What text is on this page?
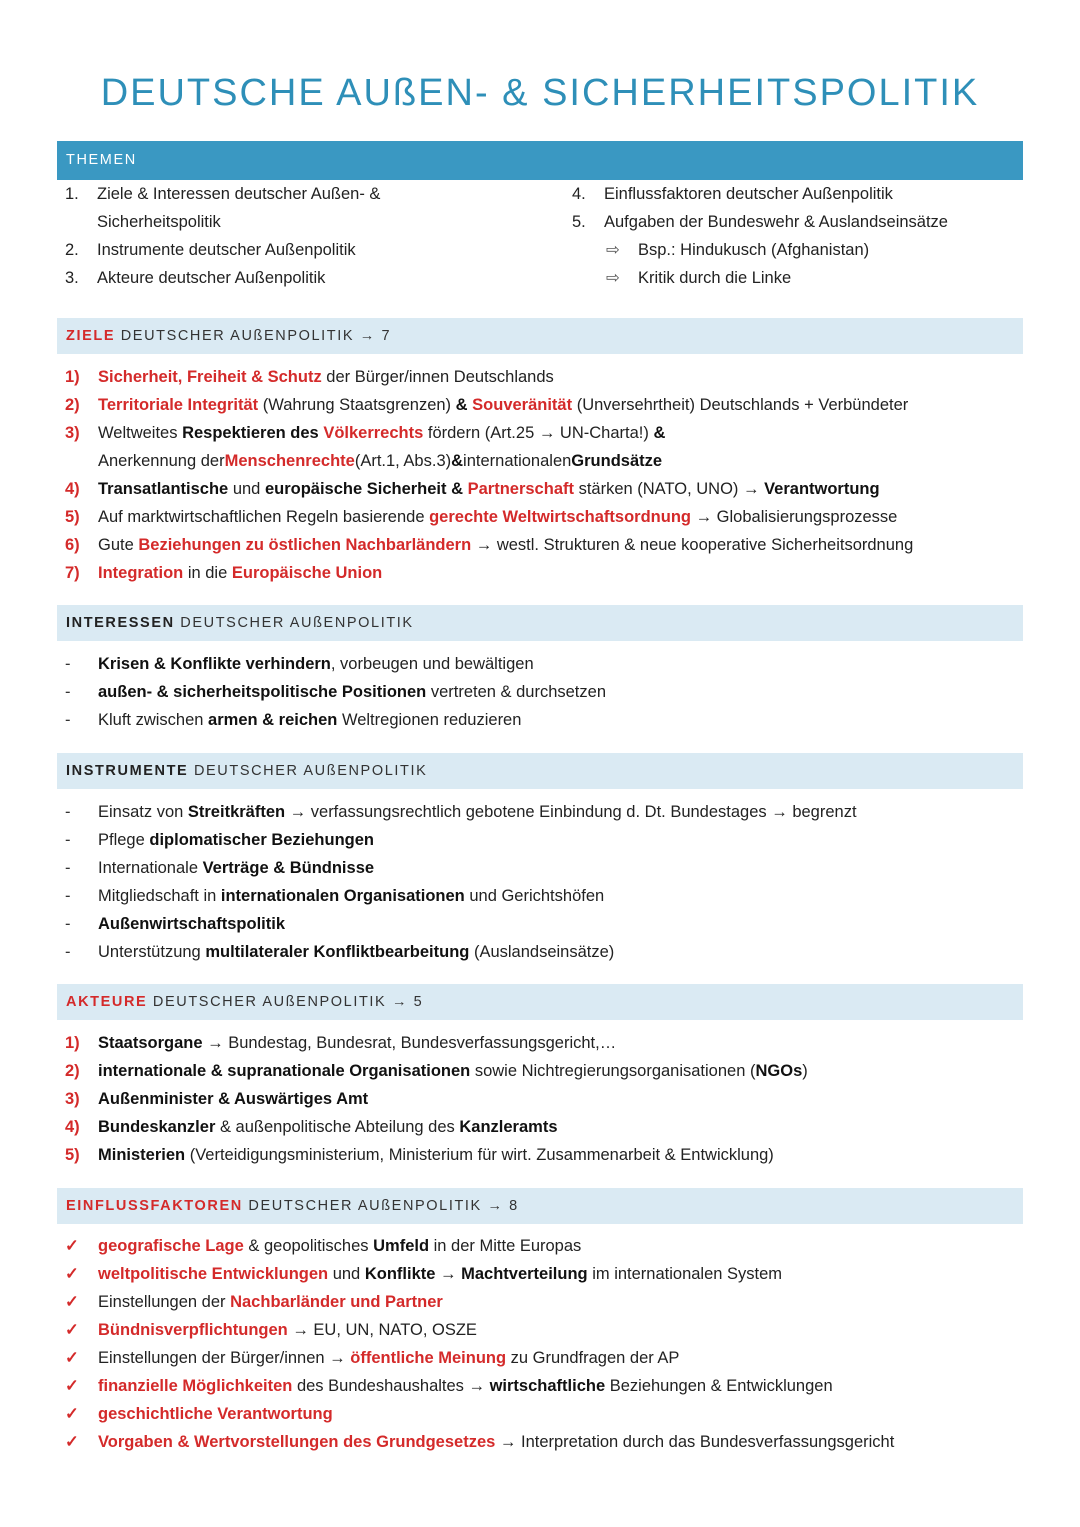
DEUTSCHE AUßEN- & SICHERHEITSPOLITIK
THEMEN
1.	Ziele & Interessen deutscher Außen- &
Sicherheitspolitik
2.	Instrumente deutscher Außenpolitik
3.	Akteure deutscher Außenpolitik
4.	Einflussfaktoren deutscher Außenpolitik
5.	Aufgaben der Bundeswehr & Auslandseinsätze
⇨	Bsp.: Hindukusch (Afghanistan)
⇨	Kritik durch die Linke
ZIELE DEUTSCHER AUßENPOLITIK → 7
1)	Sicherheit, Freiheit & Schutz der Bürger/innen Deutschlands
2)	Territoriale Integrität (Wahrung Staatsgrenzen) & Souveränität (Unversehrtheit) Deutschlands + Verbündeter
3)	Weltweites Respektieren des Völkerrechts fördern (Art.25 → UN-Charta!) &
Anerkennung der Menschenrechte (Art.1, Abs.3) & internationalen Grundsätze
4)	Transatlantische und europäische Sicherheit & Partnerschaft stärken (NATO, UNO) → Verantwortung
5)	Auf marktwirtschaftlichen Regeln basierende gerechte Weltwirtschaftsordnung → Globalisierungsprozesse
6)	Gute Beziehungen zu östlichen Nachbarländern → westl. Strukturen & neue kooperative Sicherheitsordnung
7)	Integration in die Europäische Union
INTERESSEN DEUTSCHER AUßENPOLITIK
-	Krisen & Konflikte verhindern, vorbeugen und bewältigen
-	außen- & sicherheitspolitische Positionen vertreten & durchsetzen
-	Kluft zwischen armen & reichen Weltregionen reduzieren
INSTRUMENTE DEUTSCHER AUßENPOLITIK
-	Einsatz von Streitkräften → verfassungsrechtlich gebotene Einbindung d. Dt. Bundestages → begrenzt
-	Pflege diplomatischer Beziehungen
-	Internationale Verträge & Bündnisse
-	Mitgliedschaft in internationalen Organisationen und Gerichtshöfen
-	Außenwirtschaftspolitik
-	Unterstützung multilateraler Konfliktbearbeitung (Auslandseinsätze)
AKTEURE DEUTSCHER AUßENPOLITIK → 5
1)	Staatsorgane → Bundestag, Bundesrat, Bundesverfassungsgericht,…
2)	internationale & supranationale Organisationen sowie Nichtregierungsorganisationen (NGOs)
3)	Außenminister & Auswärtiges Amt
4)	Bundeskanzler & außenpolitische Abteilung des Kanzleramts
5)	Ministerien (Verteidigungsministerium, Ministerium für wirt. Zusammenarbeit & Entwicklung)
EINFLUSSFAKTOREN DEUTSCHER AUßENPOLITIK → 8
✓	geografische Lage & geopolitisches Umfeld in der Mitte Europas
✓	weltpolitische Entwicklungen und Konflikte → Machtverteilung im internationalen System
✓	Einstellungen der Nachbarländer und Partner
✓	Bündnisverpflichtungen → EU, UN, NATO, OSZE
✓	Einstellungen der Bürger/innen → öffentliche Meinung zu Grundfragen der AP
✓	finanzielle Möglichkeiten des Bundeshaushaltes → wirtschaftliche Beziehungen & Entwicklungen
✓	geschichtliche Verantwortung
✓	Vorgaben & Wertvorstellungen des Grundgesetzes → Interpretation durch das Bundesverfassungsgericht
